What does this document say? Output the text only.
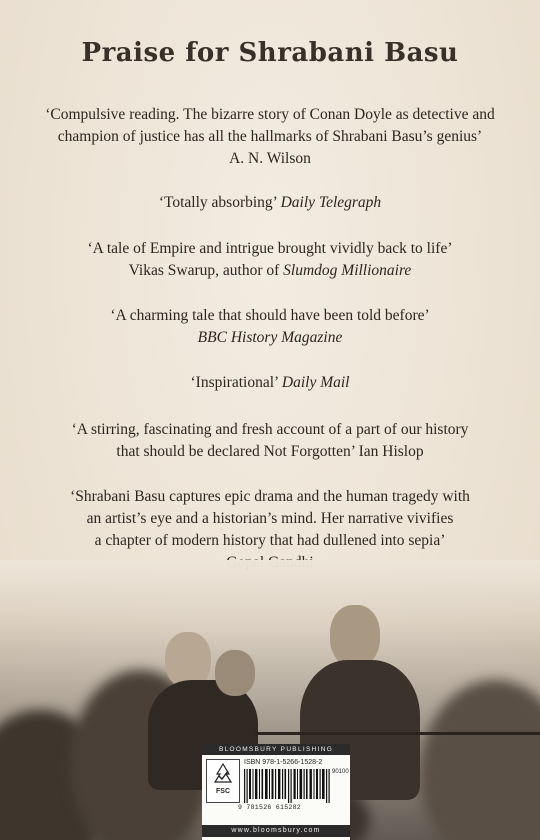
Praise for Shrabani Basu
‘Compulsive reading. The bizarre story of Conan Doyle as detective and
champion of justice has all the hallmarks of Shrabani Basu’s genius’
A. N. Wilson
‘Totally absorbing’ Daily Telegraph
‘A tale of Empire and intrigue brought vividly back to life’
Vikas Swarup, author of Slumdog Millionaire
‘A charming tale that should have been told before’
BBC History Magazine
‘Inspirational’ Daily Mail
‘A stirring, fascinating and fresh account of a part of our history
that should be declared Not Forgotten’ Ian Hislop
‘Shrabani Basu captures epic drama and the human tragedy with
an artist’s eye and a historian’s mind. Her narrative vivifies
a chapter of modern history that had dullened into sepia’
BLOOMSBURY PUBLISHING
FSC
ISBN 978-1-5266-1528-2
9 781526 615282
90100
www.bloomsbury.com
